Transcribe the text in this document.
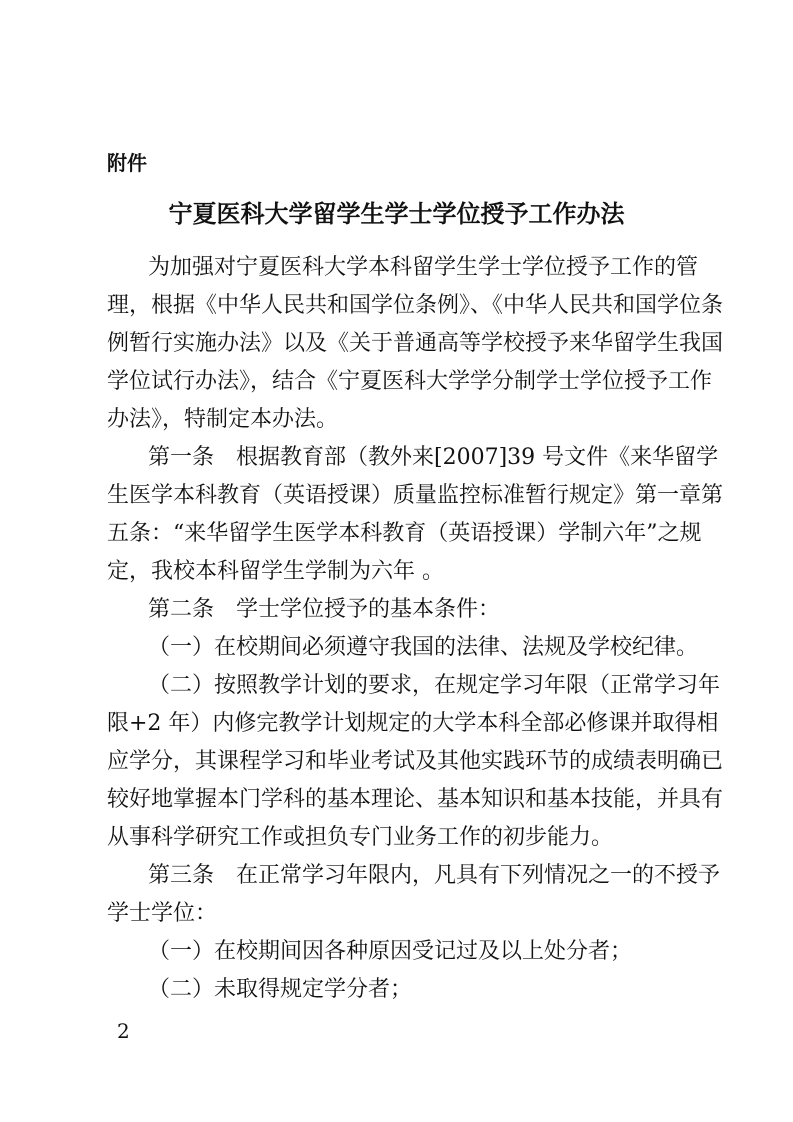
附件
宁夏医科大学留学生学士学位授予工作办法
为加强对宁夏医科大学本科留学生学士学位授予工作的管
理，根据《中华人民共和国学位条例》、《中华人民共和国学位条
例暂行实施办法》以及《关于普通高等学校授予来华留学生我国
学位试行办法》，结合《宁夏医科大学学分制学士学位授予工作
办法》，特制定本办法。
第一条　根据教育部（教外来[2007]39 号文件《来华留学
生医学本科教育（英语授课）质量监控标准暂行规定》第一章第
五条：“来华留学生医学本科教育（英语授课）学制六年”之规
定，我校本科留学生学制为六年 。
第二条　学士学位授予的基本条件：
（一）在校期间必须遵守我国的法律、法规及学校纪律。
（二）按照教学计划的要求，在规定学习年限（正常学习年
限+2 年）内修完教学计划规定的大学本科全部必修课并取得相
应学分，其课程学习和毕业考试及其他实践环节的成绩表明确已
较好地掌握本门学科的基本理论、基本知识和基本技能，并具有
从事科学研究工作或担负专门业务工作的初步能力。
第三条　在正常学习年限内，凡具有下列情况之一的不授予
学士学位：
（一）在校期间因各种原因受记过及以上处分者；
（二）未取得规定学分者；
2
